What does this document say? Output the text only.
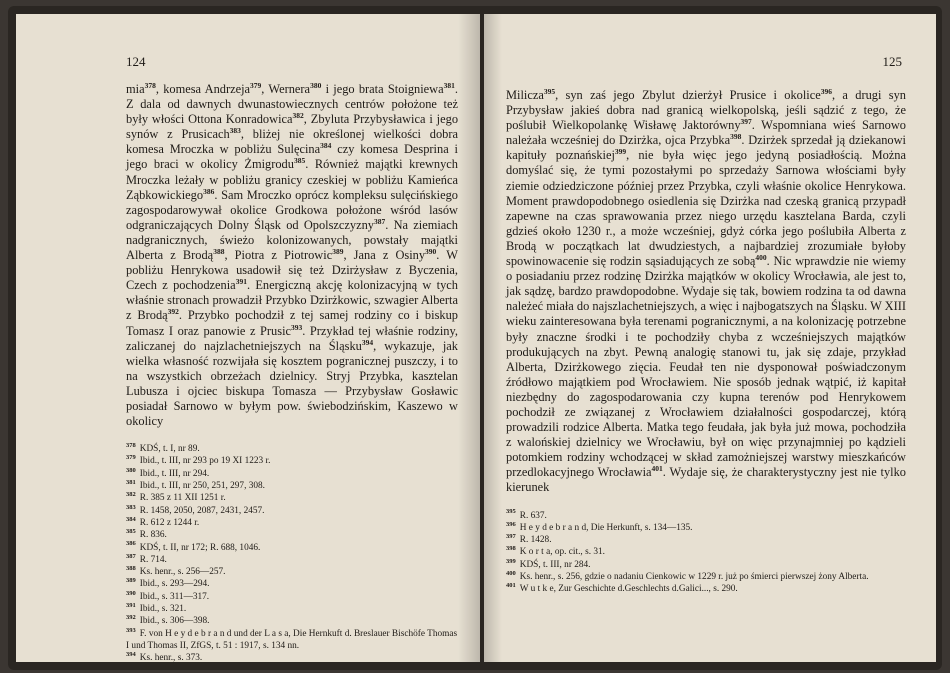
124
mia$^{378}$, komesa Andrzeja$^{379}$, Wernera$^{380}$ i jego brata Stoigniewa$^{381}$. Z dala od dawnych dwunastowiecznych centrów położone też były włości Ottona Konradowica$^{382}$, Zbyluta Przybysławica i jego synów z Prusicach$^{383}$, bliżej nie określonej wielkości dobra komesa Mroczka w pobliżu Sulęcina$^{384}$ czy komesa Desprina i jego braci w okolicy Żmigrodu$^{385}$. Również majątki krewnych Mroczka leżały w pobliżu granicy czeskiej w pobliżu Kamieńca Ząbkowickiego$^{386}$. Sam Mroczko oprócz kompleksu sulęcińskiego zagospodarowywał okolice Grodkowa położone wśród lasów odgraniczających Dolny Śląsk od Opolszczyzny$^{387}$. Na ziemiach nadgranicznych, świeżo kolonizowanych, powstały majątki Alberta z Brodą$^{388}$, Piotra z Piotrowic$^{389}$, Jana z Osiny$^{390}$. W pobliżu Henrykowa usadowił się też Dzirżysław z Byczenia, Czech z pochodzenia$^{391}$. Energiczną akcję kolonizacyjną w tych właśnie stronach prowadził Przybko Dzirżkowic, szwagier Alberta z Brodą$^{392}$. Przybko pochodził z tej samej rodziny co i biskup Tomasz I oraz panowie z Prusic$^{393}$. Przykład tej właśnie rodziny, zaliczanej do najzlachetniejszych na Śląsku$^{394}$, wykazuje, jak wielka własność rozwijała się kosztem pogranicznej puszczy, i to na wszystkich obrzeżach dzielnicy. Stryj Przybka, kasztelan Lubusza i ojciec biskupa Tomasza — Przybysław Gosławic posiadał Sarnowo w byłym pow. świebodzińskim, Kaszewo w okolicy
$^{378}$ KDŚ, t. I, nr 89.
$^{379}$ Ibid., t. III, nr 293 po 19 XI 1223 r.
$^{380}$ Ibid., t. III, nr 294.
$^{381}$ Ibid., t. III, nr 250, 251, 297, 308.
$^{382}$ R. 385 z 11 XII 1251 r.
$^{383}$ R. 1458, 2050, 2087, 2431, 2457.
$^{384}$ R. 612 z 1244 r.
$^{385}$ R. 836.
$^{386}$ KDŚ, t. II, nr 172; R. 688, 1046.
$^{387}$ R. 714.
$^{388}$ Ks. henr., s. 256—257.
$^{389}$ Ibid., s. 293—294.
$^{390}$ Ibid., s. 311—317.
$^{391}$ Ibid., s. 321.
$^{392}$ Ibid., s. 306—398.
$^{393}$ F. von H e y d e b r a n d und der L a s a, Die Hernkuft d. Breslauer Bischöfe Thomas I und Thomas II, ZfGS, t. 51 : 1917, s. 134 nn.
$^{394}$ Ks. henr., s. 373.
125
Milicza$^{395}$, syn zaś jego Zbylut dzierżył Prusice i okolice$^{396}$, a drugi syn Przybysław jakieś dobra nad granicą wielkopolską, jeśli sądzić z tego, że poślubił Wielkopolankę Wisławę Jaktorówny$^{397}$. Wspomniana wieś Sarnowo należała wcześniej do Dzirżka, ojca Przybka$^{398}$. Dzirżek sprzedał ją dziekanowi kapituły poznańskiej$^{399}$, nie była więc jego jedyną posiadłością. Można domyślać się, że tymi pozostałymi po sprzedaży Sarnowa włościami były ziemie odziedziczone później przez Przybka, czyli właśnie okolice Henrykowa. Moment prawdopodobnego osiedlenia się Dzirżka nad czeską granicą przypadł zapewne na czas sprawowania przez niego urzędu kasztelana Barda, czyli gdzieś około 1230 r., a może wcześniej, gdyż córka jego poślubiła Alberta z Brodą w początkach lat dwudziestych, a najbardziej zrozumiałe byłoby spowinowacenie się rodzin sąsiadujących ze sobą$^{400}$. Nic wprawdzie nie wiemy o posiadaniu przez rodzinę Dzirżka majątków w okolicy Wrocławia, ale jest to, jak sądzę, bardzo prawdopodobne. Wydaje się tak, bowiem rodzina ta od dawna należeć miała do najszlachetniejszych, a więc i najbogatszych na Śląsku. W XIII wieku zainteresowana była terenami pogranicznymi, a na kolonizację potrzebne były znaczne środki i te pochodziły chyba z wcześniejszych majątków produkujących na zbyt. Pewną analogię stanowi tu, jak się zdaje, przykład Alberta, Dzirżkowego zięcia. Feudał ten nie dysponował poświadczonym źródłowo majątkiem pod Wrocławiem. Nie sposób jednak wątpić, iż kapitał niezbędny do zagospodarowania czy kupna terenów pod Henrykowem pochodził ze związanej z Wrocławiem działalności gospodarczej, którą prowadzili rodzice Alberta. Matka tego feudała, jak była już mowa, pochodziła z walońskiej dzielnicy we Wrocławiu, był on więc przynajmniej po kądzieli potomkiem rodziny wchodzącej w skład zamożniejszej warstwy mieszkańców przedlokacyjnego Wrocławia$^{401}$. Wydaje się, że charakterystyczny jest nie tylko kierunek
$^{395}$ R. 637.
$^{396}$ H e y d e b r a n d, Die Herkunft, s. 134—135.
$^{397}$ R. 1428.
$^{398}$ K o r t a, op. cit., s. 31.
$^{399}$ KDŚ, t. III, nr 284.
$^{400}$ Ks. henr., s. 256, gdzie o nadaniu Cienkowic w 1229 r. już po śmierci pierwszej żony Alberta.
$^{401}$ W u t k e, Zur Geschichte d.Geschlechts d.Galici..., s. 290.
